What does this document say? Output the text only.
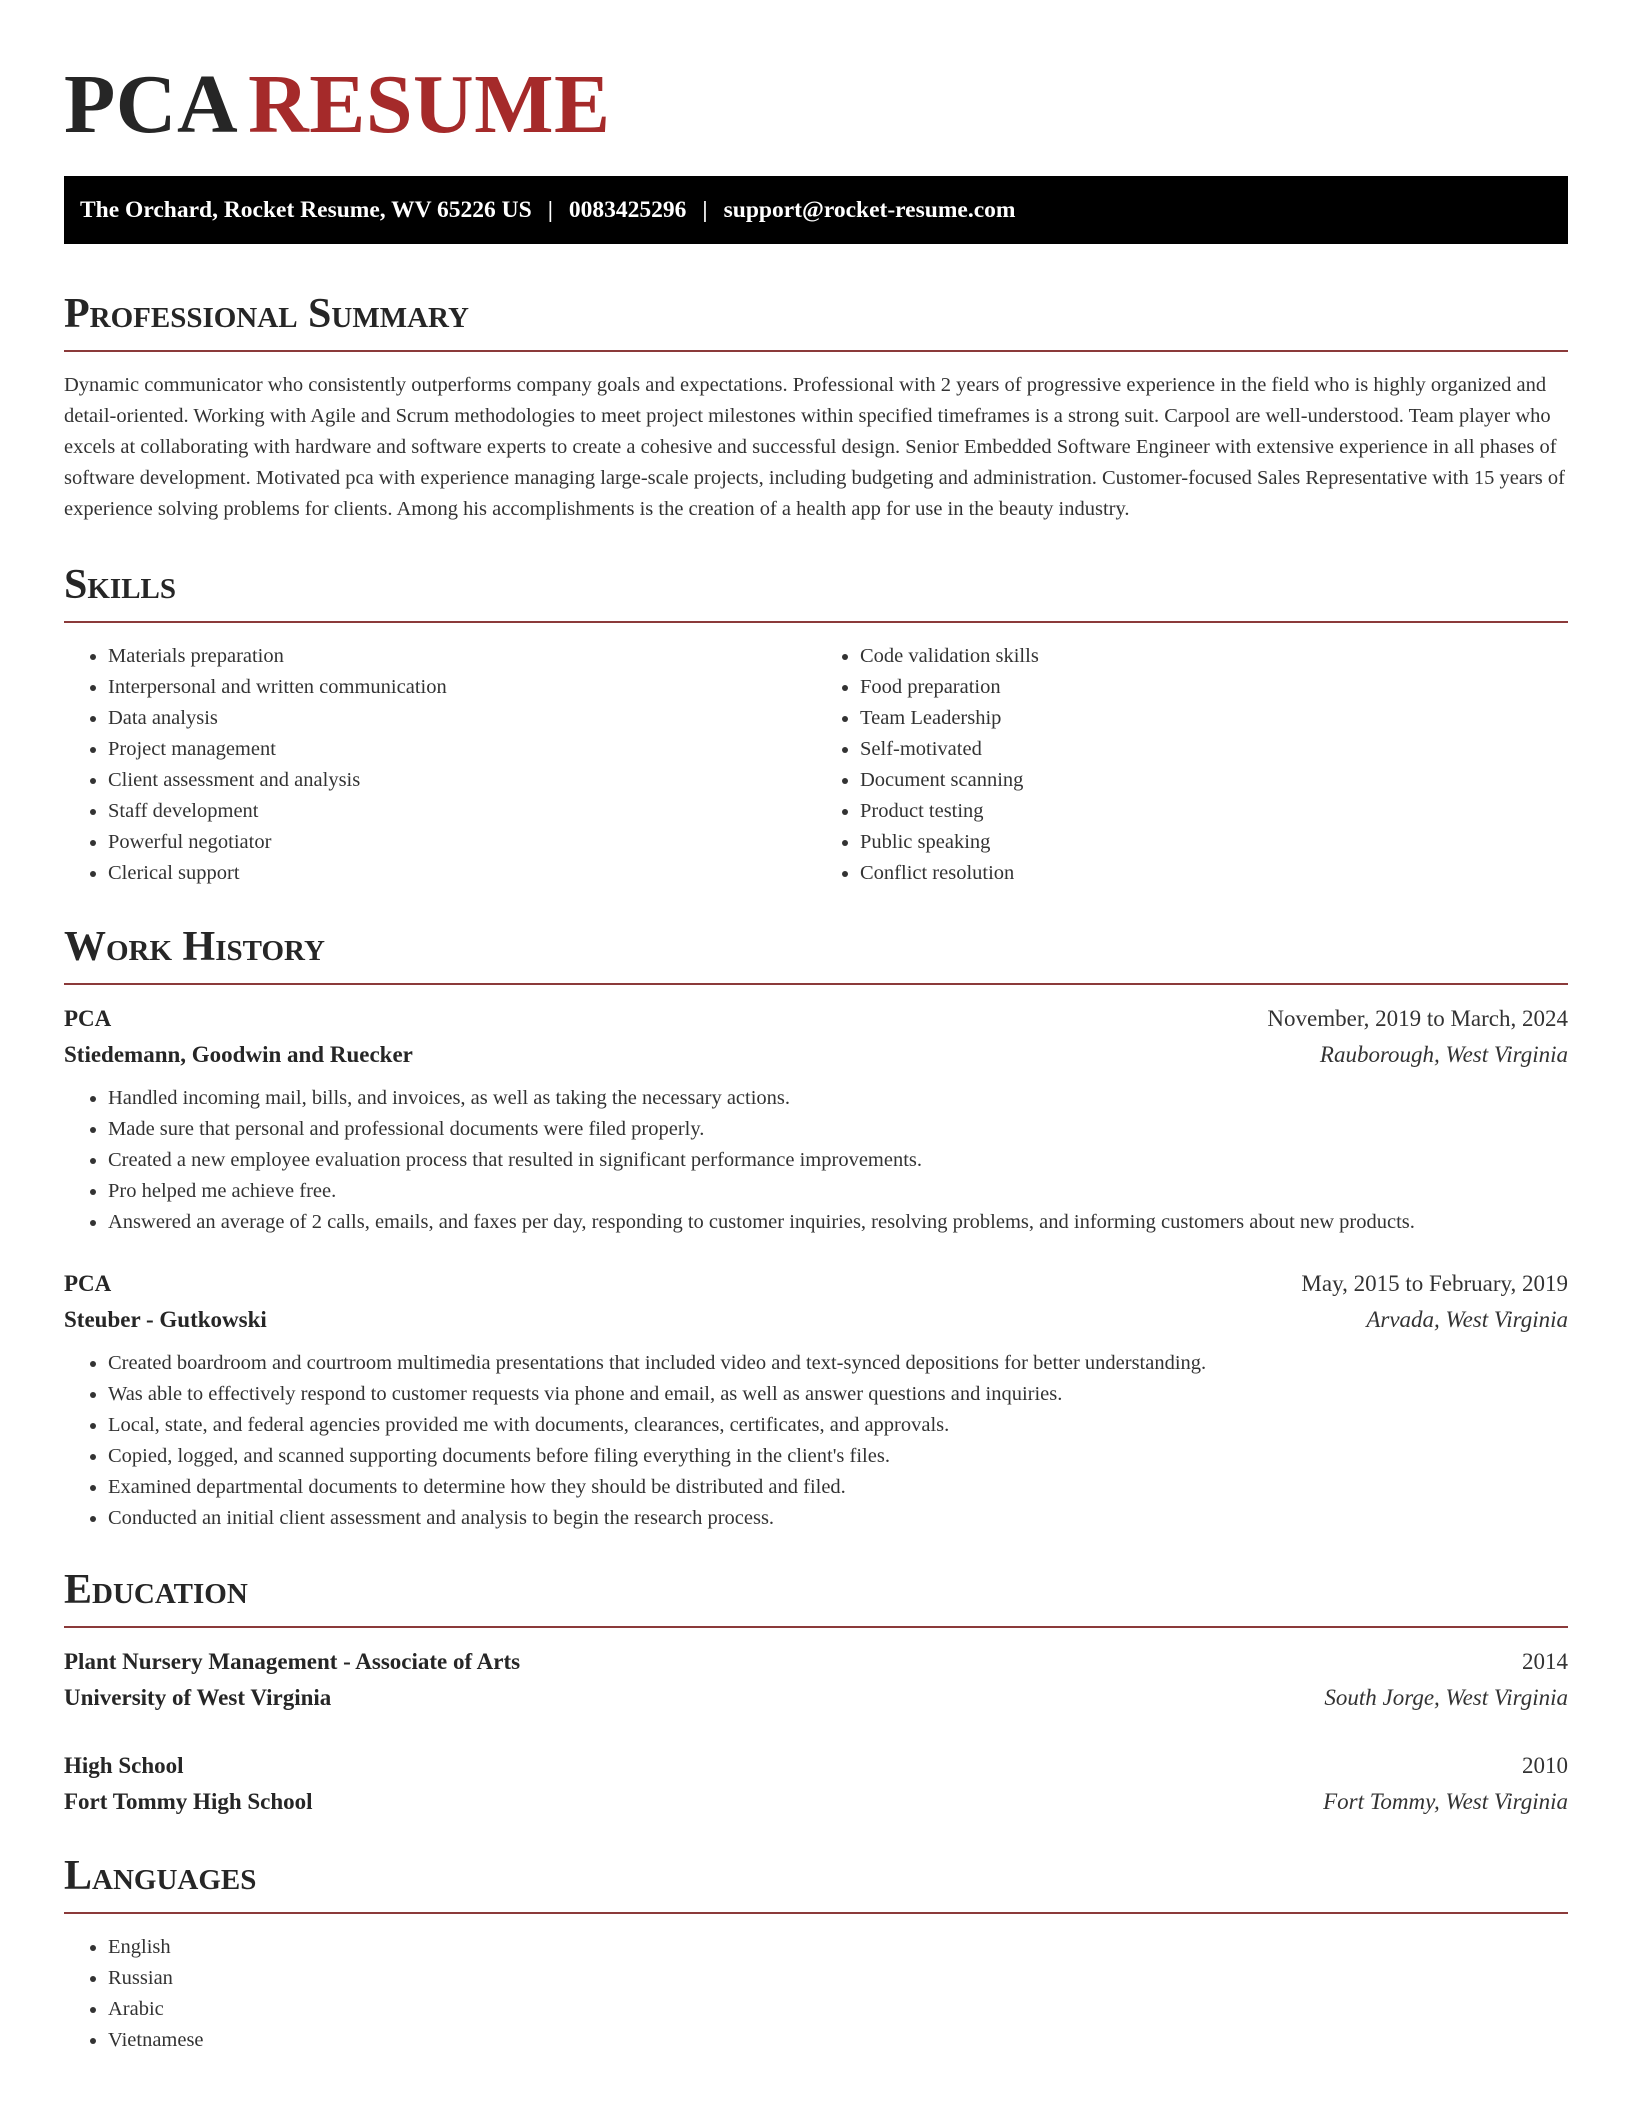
PCA RESUME
The Orchard, Rocket Resume, WV 65226 US | 0083425296 | support@rocket-resume.com
Professional Summary

Dynamic communicator who consistently outperforms company goals and expectations. Professional with 2 years of progressive experience in the field who is highly organized and detail-oriented. Working with Agile and Scrum methodologies to meet project milestones within specified timeframes is a strong suit. Carpool are well-understood. Team player who excels at collaborating with hardware and software experts to create a cohesive and successful design. Senior Embedded Software Engineer with extensive experience in all phases of software development. Motivated pca with experience managing large-scale projects, including budgeting and administration. Customer-focused Sales Representative with 15 years of experience solving problems for clients. Among his accomplishments is the creation of a health app for use in the beauty industry.

Skills
• Materials preparation
• Interpersonal and written communication
• Data analysis
• Project management
• Client assessment and analysis
• Staff development
• Powerful negotiator
• Clerical support
• Code validation skills
• Food preparation
• Team Leadership
• Self-motivated
• Document scanning
• Product testing
• Public speaking
• Conflict resolution
Work History
PCA	November, 2019 to March, 2024
Stiedemann, Goodwin and Ruecker	Rauborough, West Virginia
• Handled incoming mail, bills, and invoices, as well as taking the necessary actions.
• Made sure that personal and professional documents were filed properly.
• Created a new employee evaluation process that resulted in significant performance improvements.
• Pro helped me achieve free.
• Answered an average of 2 calls, emails, and faxes per day, responding to customer inquiries, resolving problems, and informing customers about new products.
PCA	May, 2015 to February, 2019
Steuber - Gutkowski	Arvada, West Virginia
• Created boardroom and courtroom multimedia presentations that included video and text-synced depositions for better understanding.
• Was able to effectively respond to customer requests via phone and email, as well as answer questions and inquiries.
• Local, state, and federal agencies provided me with documents, clearances, certificates, and approvals.
• Copied, logged, and scanned supporting documents before filing everything in the client's files.
• Examined departmental documents to determine how they should be distributed and filed.
• Conducted an initial client assessment and analysis to begin the research process.
Education
Plant Nursery Management - Associate of Arts	2014
University of West Virginia	South Jorge, West Virginia
High School	2010
Fort Tommy High School	Fort Tommy, West Virginia
Languages
• English
• Russian
• Arabic
• Vietnamese
